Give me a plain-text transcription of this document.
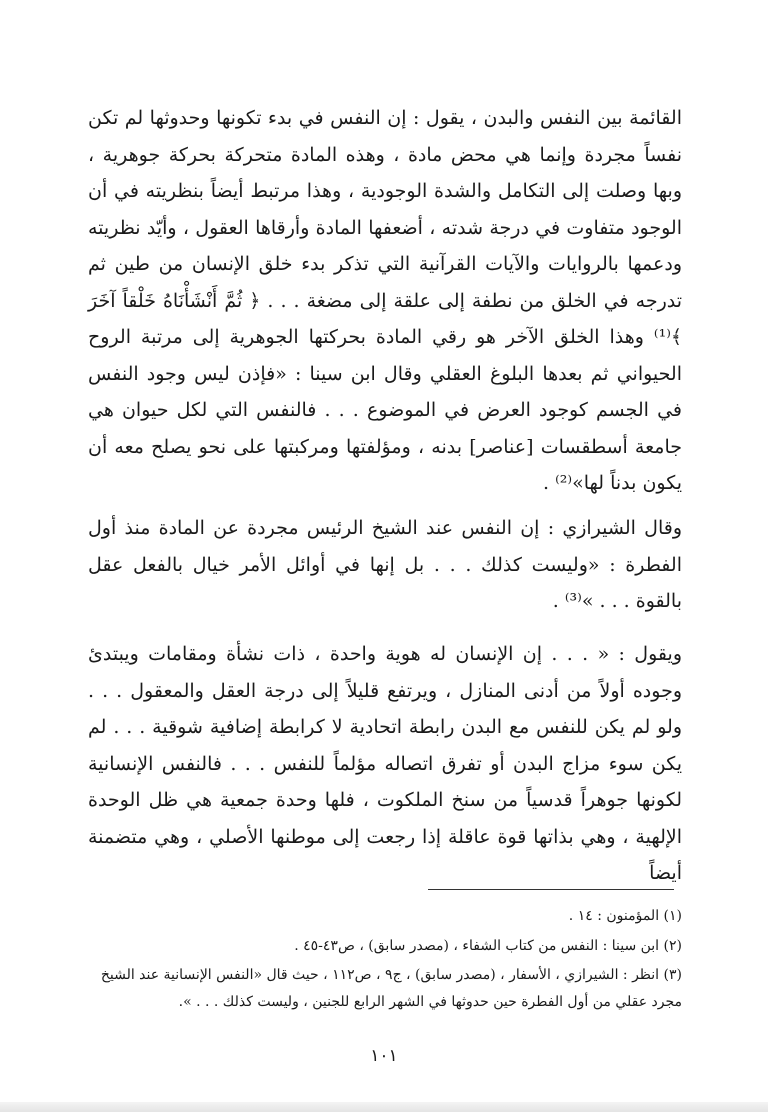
القائمة بين النفس والبدن ، يقول : إن النفس في بدء تكونها وحدوثها لم تكن نفساً مجردة وإنما هي محض مادة ، وهذه المادة متحركة بحركة جوهرية ، وبها وصلت إلى التكامل والشدة الوجودية ، وهذا مرتبط أيضاً بنظريته في أن الوجود متفاوت في درجة شدته ، أضعفها المادة وأرقاها العقول ، وأيّد نظريته ودعمها بالروايات والآيات القرآنية التي تذكر بدء خلق الإنسان من طين ثم تدرجه في الخلق من نطفة إلى علقة إلى مضغة . . . ﴿ ثُمَّ أَنْشَأْنَاهُ خَلْقاً آخَرَ ﴾⁽¹⁾ وهذا الخلق الآخر هو رقي المادة بحركتها الجوهرية إلى مرتبة الروح الحيواني ثم بعدها البلوغ العقلي وقال ابن سينا : «فإذن ليس وجود النفس في الجسم كوجود العرض في الموضوع . . . فالنفس التي لكل حيوان هي جامعة أسطقسات [عناصر] بدنه ، ومؤلفتها ومركبتها على نحو يصلح معه أن يكون بدناً لها»⁽²⁾ .

وقال الشيرازي : إن النفس عند الشيخ الرئيس مجردة عن المادة منذ أول الفطرة : «وليست كذلك . . . بل إنها في أوائل الأمر خيال بالفعل عقل بالقوة . . . »⁽³⁾ .

ويقول : « . . . إن الإنسان له هوية واحدة ، ذات نشأة ومقامات ويبتدئ وجوده أولاً من أدنى المنازل ، ويرتفع قليلاً إلى درجة العقل والمعقول . . . ولو لم يكن للنفس مع البدن رابطة اتحادية لا كرابطة إضافية شوقية . . . لم يكن سوء مزاج البدن أو تفرق اتصاله مؤلماً للنفس . . . فالنفس الإنسانية لكونها جوهراً قدسياً من سنخ الملكوت ، فلها وحدة جمعية هي ظل الوحدة الإلهية ، وهي بذاتها قوة عاقلة إذا رجعت إلى موطنها الأصلي ، وهي متضمنة أيضاً

(١) المؤمنون : ١٤ .

(٢) ابن سينا : النفس من كتاب الشفاء ، (مصدر سابق) ، ص٤٣-٤٥ .

(٣) انظر : الشيرازي ، الأسفار ، (مصدر سابق) ، ج٩ ، ص١١٢ ، حيث قال «النفس الإنسانية عند الشيخ مجرد عقلي من أول الفطرة حين حدوثها في الشهر الرابع للجنين ، وليست كذلك . . . ».

١٠١
